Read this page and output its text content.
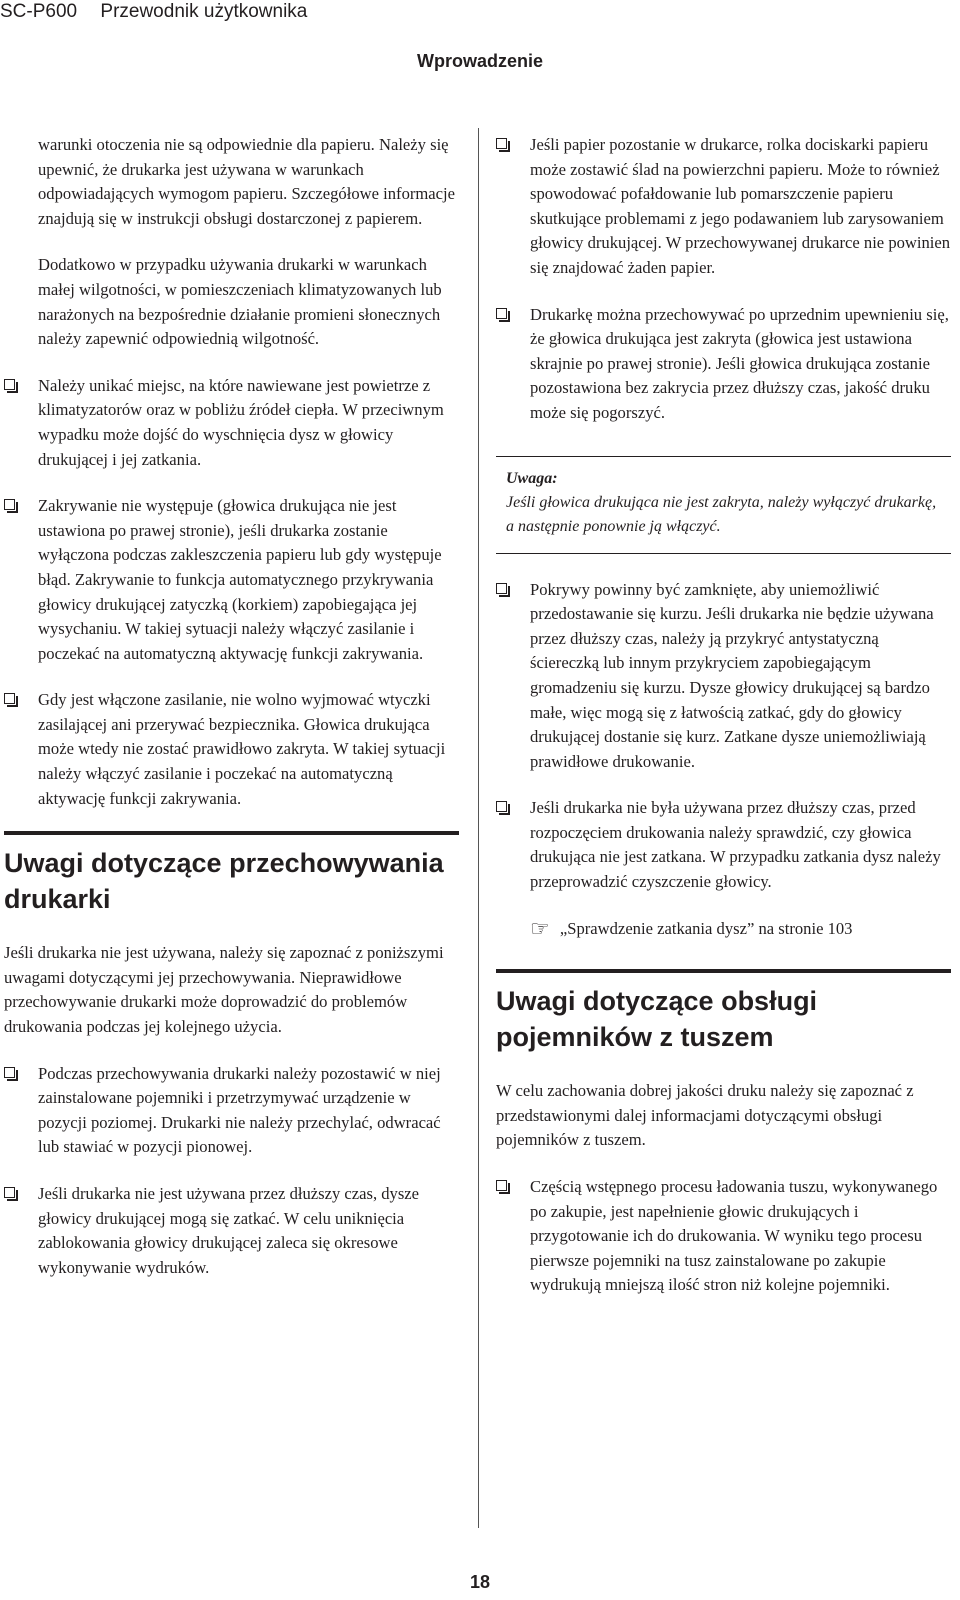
SC-P600 Przewodnik użytkownika
Wprowadzenie

warunki otoczenia nie są odpowiednie dla papieru. Należy się upewnić, że drukarka jest używana w warunkach odpowiadających wymogom papieru. Szczegółowe informacje znajdują się w instrukcji obsługi dostarczonej z papierem.

Dodatkowo w przypadku używania drukarki w warunkach małej wilgotności, w pomieszczeniach klimatyzowanych lub narażonych na bezpośrednie działanie promieni słonecznych należy zapewnić odpowiednią wilgotność.

Należy unikać miejsc, na które nawiewane jest powietrze z klimatyzatorów oraz w pobliżu źródeł ciepła. W przeciwnym wypadku może dojść do wyschnięcia dysz w głowicy drukującej i jej zatkania.
Zakrywanie nie występuje (głowica drukująca nie jest ustawiona po prawej stronie), jeśli drukarka zostanie wyłączona podczas zakleszczenia papieru lub gdy występuje błąd. Zakrywanie to funkcja automatycznego przykrywania głowicy drukującej zatyczką (korkiem) zapobiegająca jej wysychaniu. W takiej sytuacji należy włączyć zasilanie i poczekać na automatyczną aktywację funkcji zakrywania.
Gdy jest włączone zasilanie, nie wolno wyjmować wtyczki zasilającej ani przerywać bezpiecznika. Głowica drukująca może wtedy nie zostać prawidłowo zakryta. W takiej sytuacji należy włączyć zasilanie i poczekać na automatyczną aktywację funkcji zakrywania.
Uwagi dotyczące przechowywania drukarki

Jeśli drukarka nie jest używana, należy się zapoznać z poniższymi uwagami dotyczącymi jej przechowywania. Nieprawidłowe przechowywanie drukarki może doprowadzić do problemów drukowania podczas jej kolejnego użycia.

Podczas przechowywania drukarki należy pozostawić w niej zainstalowane pojemniki i przetrzymywać urządzenie w pozycji poziomej. Drukarki nie należy przechylać, odwracać lub stawiać w pozycji pionowej.
Jeśli drukarka nie jest używana przez dłuższy czas, dysze głowicy drukującej mogą się zatkać. W celu uniknięcia zablokowania głowicy drukującej zaleca się okresowe wykonywanie wydruków.
Jeśli papier pozostanie w drukarce, rolka dociskarki papieru może zostawić ślad na powierzchni papieru. Może to również spowodować pofałdowanie lub pomarszczenie papieru skutkujące problemami z jego podawaniem lub zarysowaniem głowicy drukującej. W przechowywanej drukarce nie powinien się znajdować żaden papier.
Drukarkę można przechowywać po uprzednim upewnieniu się, że głowica drukująca jest zakryta (głowica jest ustawiona skrajnie po prawej stronie). Jeśli głowica drukująca zostanie pozostawiona bez zakrycia przez dłuższy czas, jakość druku może się pogorszyć.
Uwaga:
Jeśli głowica drukująca nie jest zakryta, należy wyłączyć drukarkę, a następnie ponownie ją włączyć.
Pokrywy powinny być zamknięte, aby uniemożliwić przedostawanie się kurzu. Jeśli drukarka nie będzie używana przez dłuższy czas, należy ją przykryć antystatyczną ściereczką lub innym przykryciem zapobiegającym gromadzeniu się kurzu. Dysze głowicy drukującej są bardzo małe, więc mogą się z łatwością zatkać, gdy do głowicy drukującej dostanie się kurz. Zatkane dysze uniemożliwiają prawidłowe drukowanie.
Jeśli drukarka nie była używana przez dłuższy czas, przed rozpoczęciem drukowania należy sprawdzić, czy głowica drukująca nie jest zatkana. W przypadku zatkania dysz należy przeprowadzić czyszczenie głowicy.
☞ „Sprawdzenie zatkania dysz” na stronie 103
Uwagi dotyczące obsługi pojemników z tuszem

W celu zachowania dobrej jakości druku należy się zapoznać z przedstawionymi dalej informacjami dotyczącymi obsługi pojemników z tuszem.

Częścią wstępnego procesu ładowania tuszu, wykonywanego po zakupie, jest napełnienie głowic drukujących i przygotowanie ich do drukowania. W wyniku tego procesu pierwsze pojemniki na tusz zainstalowane po zakupie wydrukują mniejszą ilość stron niż kolejne pojemniki.
18
